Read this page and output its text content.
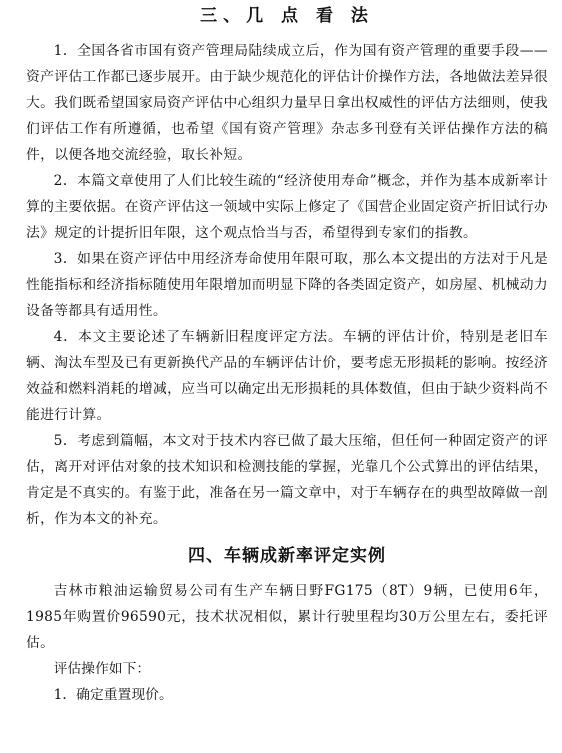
三、几 点 看 法

1．全国各省市国有资产管理局陆续成立后，作为国有资产管理的重要手段——资产评估工作都已逐步展开。由于缺少规范化的评估计价操作方法，各地做法差异很大。我们既希望国家局资产评估中心组织力量早日拿出权威性的评估方法细则，使我们评估工作有所遵循，也希望《国有资产管理》杂志多刊登有关评估操作方法的稿件，以便各地交流经验，取长补短。

2．本篇文章使用了人们比较生疏的“经济使用寿命”概念，并作为基本成新率计算的主要依据。在资产评估这一领域中实际上修定了《国营企业固定资产折旧试行办法》规定的计提折旧年限，这个观点恰当与否，希望得到专家们的指教。

3．如果在资产评估中用经济寿命使用年限可取，那么本文提出的方法对于凡是性能指标和经济指标随使用年限增加而明显下降的各类固定资产，如房屋、机械动力设备等都具有适用性。

4．本文主要论述了车辆新旧程度评定方法。车辆的评估计价，特别是老旧车辆、淘汰车型及已有更新换代产品的车辆评估计价，要考虑无形损耗的影响。按经济效益和燃料消耗的增减，应当可以确定出无形损耗的具体数值，但由于缺少资料尚不能进行计算。

5．考虑到篇幅，本文对于技术内容已做了最大压缩，但任何一种固定资产的评估，离开对评估对象的技术知识和检测技能的掌握，光靠几个公式算出的评估结果，肯定是不真实的。有鉴于此，准备在另一篇文章中，对于车辆存在的典型故障做一剖析，作为本文的补充。

四、车辆成新率评定实例

吉林市粮油运输贸易公司有生产车辆日野FG175（8T）9辆，已使用6年，1985年购置价96590元，技术状况相似，累计行驶里程均30万公里左右，委托评估。

评估操作如下：

1．确定重置现价。
